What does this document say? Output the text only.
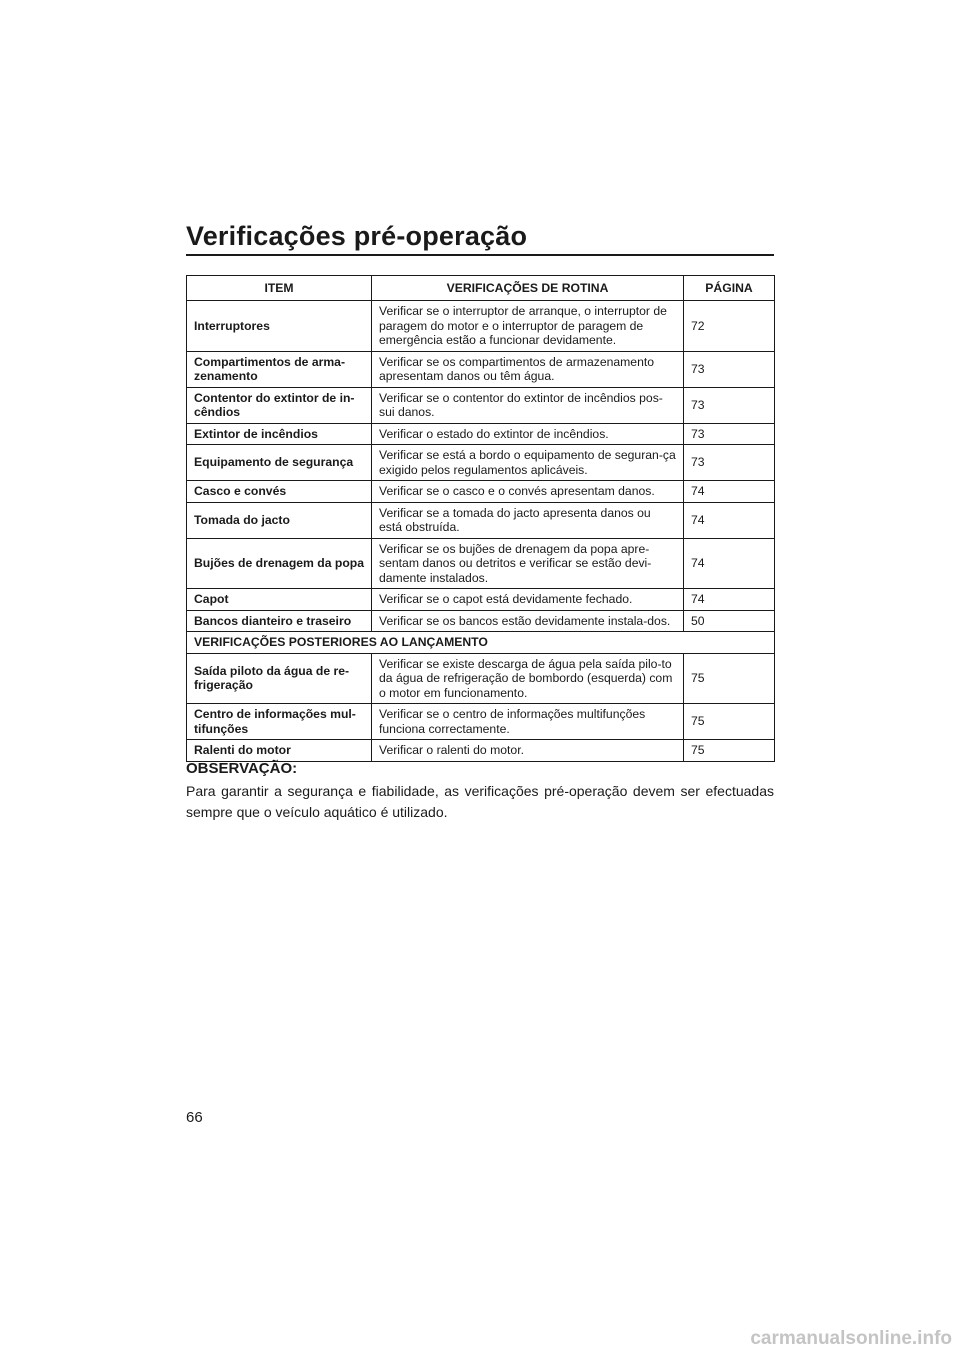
Verificações pré-operação
ITEM	VERIFICAÇÕES DE ROTINA	PÁGINA
Interruptores	Verificar se o interruptor de arranque, o interruptor de paragem do motor e o interruptor de paragem de emergência estão a funcionar devidamente.	72
Compartimentos de arma-zenamento	Verificar se os compartimentos de armazenamento apresentam danos ou têm água.	73
Contentor do extintor de in-cêndios	Verificar se o contentor do extintor de incêndios pos-sui danos.	73
Extintor de incêndios	Verificar o estado do extintor de incêndios.	73
Equipamento de segurança	Verificar se está a bordo o equipamento de seguran-ça exigido pelos regulamentos aplicáveis.	73
Casco e convés	Verificar se o casco e o convés apresentam danos.	74
Tomada do jacto	Verificar se a tomada do jacto apresenta danos ou está obstruída.	74
Bujões de drenagem da popa	Verificar se os bujões de drenagem da popa apre-sentam danos ou detritos e verificar se estão devi-damente instalados.	74
Capot	Verificar se o capot está devidamente fechado.	74
Bancos dianteiro e traseiro	Verificar se os bancos estão devidamente instala-dos.	50
VERIFICAÇÕES POSTERIORES AO LANÇAMENTO		
Saída piloto da água de re-frigeração	Verificar se existe descarga de água pela saída pilo-to da água de refrigeração de bombordo (esquerda) com o motor em funcionamento.	75
Centro de informações mul-tifunções	Verificar se o centro de informações multifunções funciona correctamente.	75
Ralenti do motor	Verificar o ralenti do motor.	75
OBSERVAÇÃO:
Para garantir a segurança e fiabilidade, as verificações pré-operação devem ser efectuadas sempre que o veículo aquático é utilizado.
66
carmanualsonline.info
